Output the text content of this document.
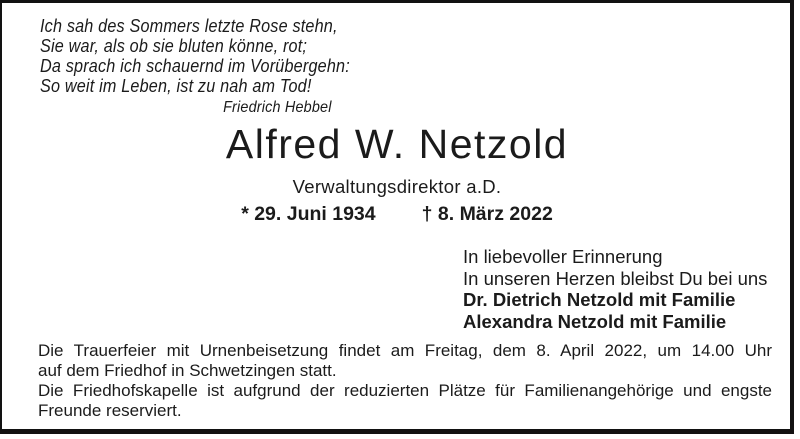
Ich sah des Sommers letzte Rose stehn,
Sie war, als ob sie bluten könne, rot;
Da sprach ich schauernd im Vorübergehn:
So weit im Leben, ist zu nah am Tod!
Friedrich Hebbel
Alfred W. Netzold
Verwaltungsdirektor a.D.
* 29. Juni 1934 † 8. März 2022
In liebevoller Erinnerung
In unseren Herzen bleibst Du bei uns
Dr. Dietrich Netzold mit Familie
Alexandra Netzold mit Familie
Die Trauerfeier mit Urnenbeisetzung findet am Freitag, dem 8. April 2022, um 14.00 Uhr
auf dem Friedhof in Schwetzingen statt.
Die Friedhofskapelle ist aufgrund der reduzierten Plätze für Familienangehörige und engste
Freunde reserviert.
